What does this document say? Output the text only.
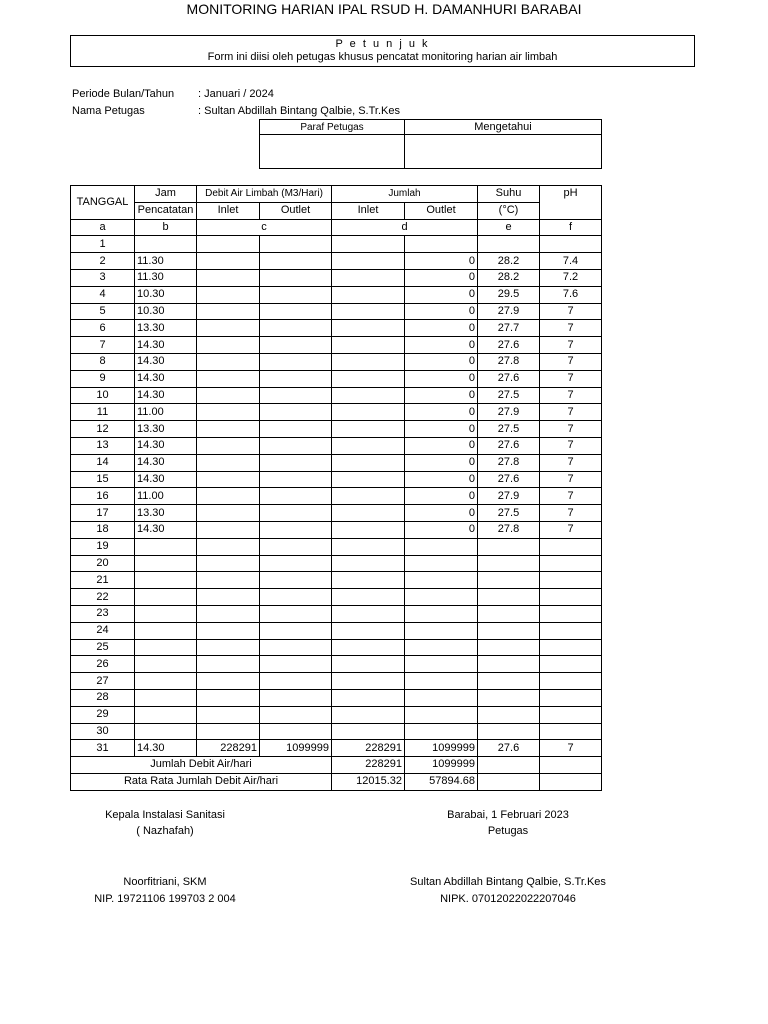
MONITORING HARIAN IPAL RSUD H. DAMANHURI BARABAI
P e t u n j u k
Form ini diisi oleh petugas khusus pencatat monitoring harian air limbah
Periode Bulan/Tahun : Januari / 2024
Nama Petugas	: Sultan Abdillah Bintang Qalbie, S.Tr.Kes
Paraf Petugas	Mengetahui

TANGGAL	Jam	Debit Air Limbah (M3/Hari)		Jumlah		Suhu	pH
	Pencatatan	Inlet	Outlet	Inlet	Outlet	(°C)	
a	b	c		d		e	f
1							
2	11.30				0	28.2	7.4
3	11.30				0	28.2	7.2
4	10.30				0	29.5	7.6
5	10.30				0	27.9	7
6	13.30				0	27.7	7
7	14.30				0	27.6	7
8	14.30				0	27.8	7
9	14.30				0	27.6	7
10	14.30				0	27.5	7
11	11.00				0	27.9	7
12	13.30				0	27.5	7
13	14.30				0	27.6	7
14	14.30				0	27.8	7
15	14.30				0	27.6	7
16	11.00				0	27.9	7
17	13.30				0	27.5	7
18	14.30				0	27.8	7
19							
20							
21							
22							
23							
24							
25							
26							
27							
28							
29							
30							
31	14.30	228291	1099999	228291	1099999	27.6	7
Jumlah Debit Air/hari				228291	1099999		
Rata Rata Jumlah Debit Air/hari				12015.32	57894.68		
Kepala Instalasi Sanitasi
( Nazhafah)
Noorfitriani, SKM
NIP. 19721106 199703 2 004
Barabai, 1 Februari 2023
Petugas
Sultan Abdillah Bintang Qalbie, S.Tr.Kes
NIPK. 07012022022207046
